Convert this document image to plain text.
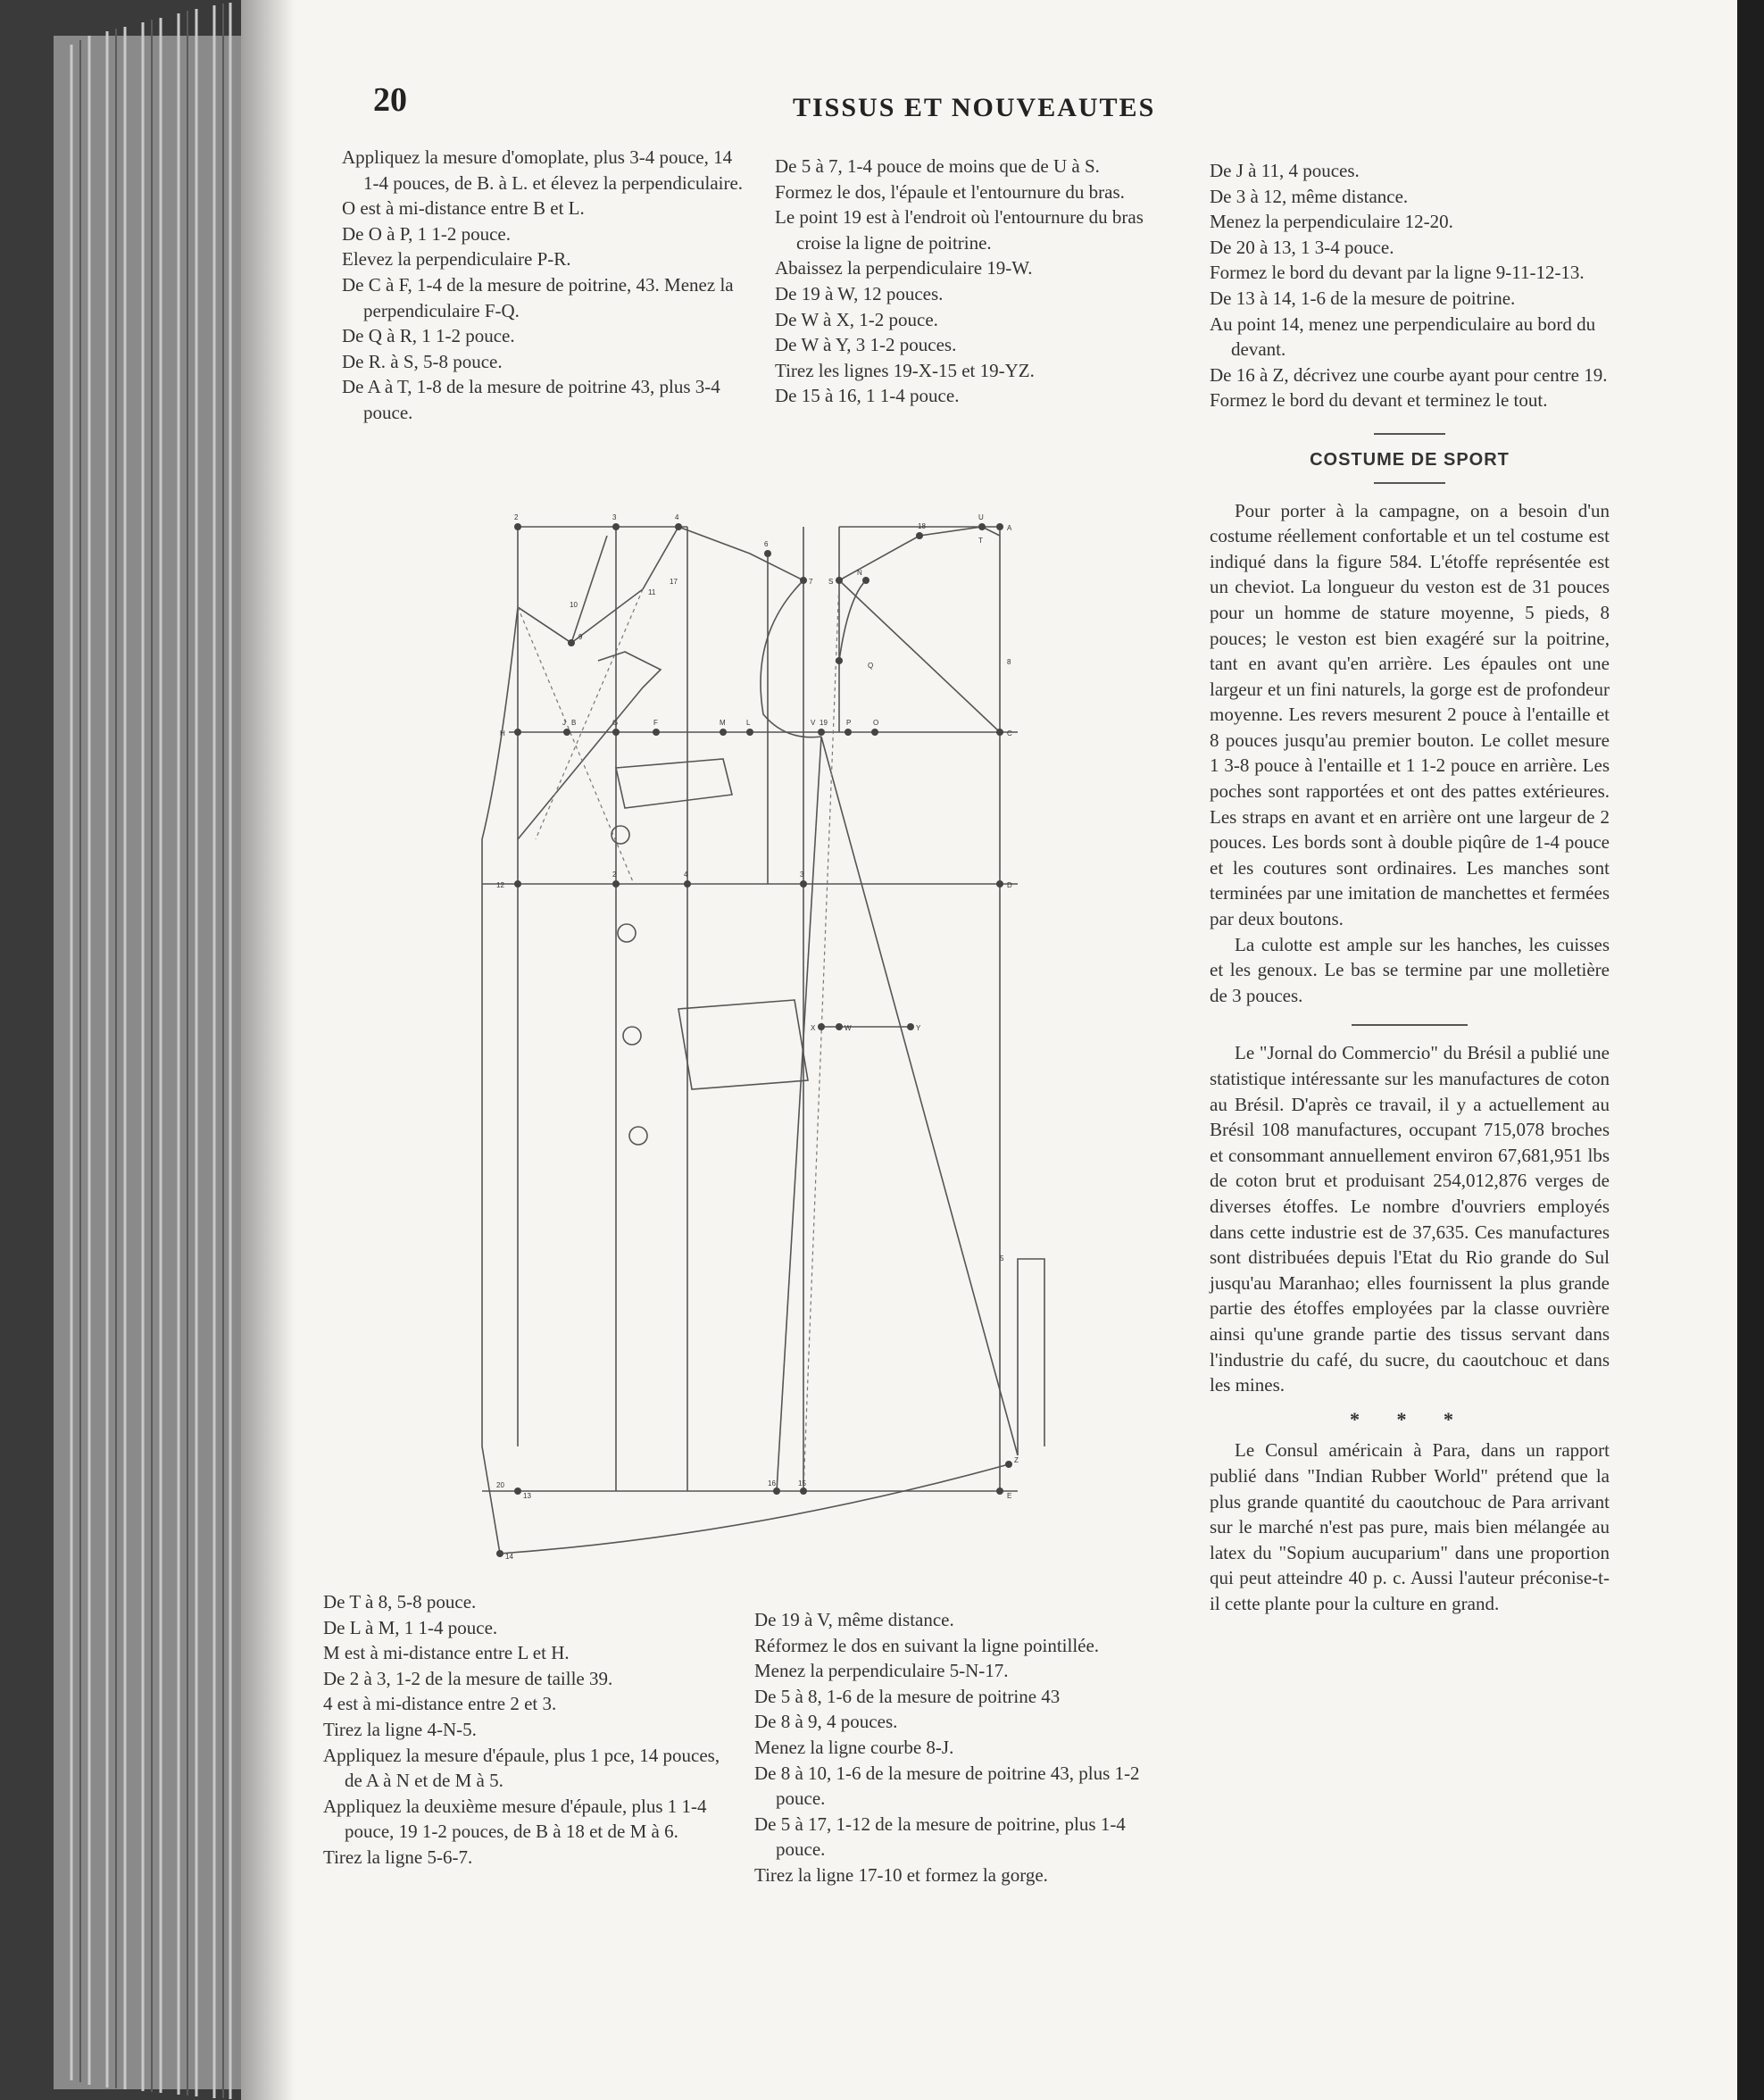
20	TISSUS ET NOUVEAUTES

Appliquez la mesure d'omoplate, plus 3-4 pouce, 14 1-4 pouces, de B. à L. et élevez la perpendiculaire.

O est à mi-distance entre B et L.

De O à P, 1 1-2 pouce.

Elevez la perpendiculaire P-R.

De C à F, 1-4 de la mesure de poitrine, 43. Menez la perpendiculaire F-Q.

De Q à R, 1 1-2 pouce.

De R. à S, 5-8 pouce.

De A à T, 1-8 de la mesure de poitrine 43, plus 3-4 pouce.

De 5 à 7, 1-4 pouce de moins que de U à S.

Formez le dos, l'épaule et l'entournure du bras.

Le point 19 est à l'endroit où l'entournure du bras croise la ligne de poitrine.

Abaissez la perpendiculaire 19-W.

De 19 à W, 12 pouces.

De W à X, 1-2 pouce.

De W à Y, 3 1-2 pouces.

Tirez les lignes 19-X-15 et 19-YZ.

De 15 à 16, 1 1-4 pouce.

De J à 11, 4 pouces.

De 3 à 12, même distance.

Menez la perpendiculaire 12-20.

De 20 à 13, 1 3-4 pouce.

Formez le bord du devant par la ligne 9-11-12-13.

De 13 à 14, 1-6 de la mesure de poitrine.

Au point 14, menez une perpendiculaire au bord du devant.

De 16 à Z, décrivez une courbe ayant pour centre 19.

Formez le bord du devant et terminez le tout.

COSTUME DE SPORT

Pour porter à la campagne, on a besoin d'un costume réellement confortable et un tel costume est indiqué dans la figure 584. L'étoffe représentée est un cheviot. La longueur du veston est de 31 pouces pour un homme de stature moyenne, 5 pieds, 8 pouces; le veston est bien exagéré sur la poitrine, tant en avant qu'en arrière. Les épaules ont une largeur et un fini naturels, la gorge est de profondeur moyenne. Les revers mesurent 2 pouce à l'entaille et 8 pouces jusqu'au premier bouton. Le collet mesure 1 3-8 pouce à l'entaille et 1 1-2 pouce en arrière. Les poches sont rapportées et ont des pattes extérieures. Les straps en avant et en arrière ont une largeur de 2 pouces. Les bords sont à double piqûre de 1-4 pouce et les coutures sont ordinaires. Les manches sont terminées par une imitation de manchettes et fermées par deux boutons.

La culotte est ample sur les hanches, les cuisses et les genoux. Le bas se termine par une molletière de 3 pouces.

Le "Jornal do Commercio" du Brésil a publié une statistique intéressante sur les manufactures de coton au Brésil. D'après ce travail, il y a actuellement au Brésil 108 manufactures, occupant 715,078 broches et consommant annuellement environ 67,681,951 lbs de coton brut et produisant 254,012,876 verges de diverses étoffes. Le nombre d'ouvriers employés dans cette industrie est de 37,635. Ces manufactures sont distribuées depuis l'Etat du Rio grande do Sul jusqu'au Maranhao; elles fournissent la plus grande partie des étoffes employées par la classe ouvrière ainsi qu'une grande partie des tissus servant dans l'industrie du café, du sucre, du caoutchouc et dans les mines.

* * *

Le Consul américain à Para, dans un rapport publié dans "Indian Rubber World" prétend que la plus grande quantité du caoutchouc de Para arrivant sur le marché n'est pas pure, mais bien mélangée au latex du "Sopium aucuparium" dans une proportion qui peut atteindre 40 p. c. Aussi l'auteur préconise-t-il cette plante pour la culture en grand.

2	3	4
6
7
H
J B	G	F	M	L	V 19	P	O
C
12
2	4	3
D
20
13
16	15
E
14
Z
S
Q
18
U
T
A
8
9
X	W	Y
17
11
10
N
5

De T à 8, 5-8 pouce.

De L à M, 1 1-4 pouce.

M est à mi-distance entre L et H.

De 2 à 3, 1-2 de la mesure de taille 39.

4 est à mi-distance entre 2 et 3.

Tirez la ligne 4-N-5.

Appliquez la mesure d'épaule, plus 1 pce, 14 pouces, de A à N et de M à 5.

Appliquez la deuxième mesure d'épaule, plus 1 1-4 pouce, 19 1-2 pouces, de B à 18 et de M à 6.

Tirez la ligne 5-6-7.

De 19 à V, même distance.

Réformez le dos en suivant la ligne pointillée.

Menez la perpendiculaire 5-N-17.

De 5 à 8, 1-6 de la mesure de poitrine 43

De 8 à 9, 4 pouces.

Menez la ligne courbe 8-J.

De 8 à 10, 1-6 de la mesure de poitrine 43, plus 1-2 pouce.

De 5 à 17, 1-12 de la mesure de poitrine, plus 1-4 pouce.

Tirez la ligne 17-10 et formez la gorge.
